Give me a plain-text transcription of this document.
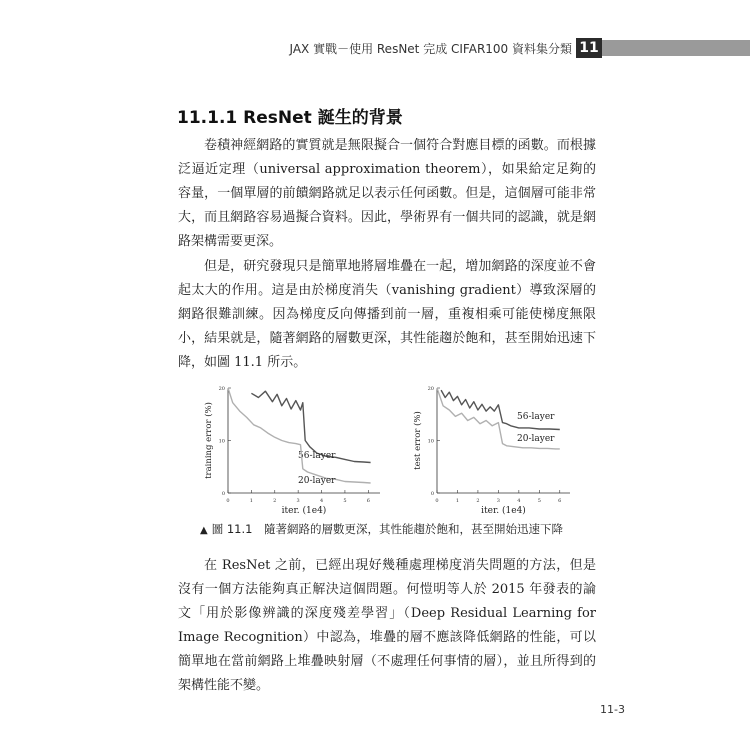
JAX 實戰－使用 ResNet 完成 CIFAR100 資料集分類 11
11.1.1 ResNet 誕生的背景

卷積神經網路的實質就是無限擬合一個符合對應目標的函數。而根據泛逼近定理（universal approximation theorem），如果給定足夠的容量，一個單層的前饋網路就足以表示任何函數。但是，這個層可能非常大，而且網路容易過擬合資料。因此，學術界有一個共同的認識，就是網路架構需要更深。

但是，研究發現只是簡單地將層堆疊在一起，增加網路的深度並不會起太大的作用。這是由於梯度消失（vanishing gradient）導致深層的網路很難訓練。因為梯度反向傳播到前一層，重複相乘可能使梯度無限小，結果就是，隨著網路的層數更深，其性能趨於飽和，甚至開始迅速下降，如圖 11.1 所示。

0	1	2	3	4	5	6
0
10
20
iter. (1e4)
training error (%)	56-layer
20-layer
0	1	2	3	4	5	6
0
10
20
iter. (1e4)
test error (%)	56-layer
20-layer
▲ 圖 11.1　隨著網路的層數更深，其性能趨於飽和，甚至開始迅速下降

在 ResNet 之前，已經出現好幾種處理梯度消失問題的方法，但是沒有一個方法能夠真正解決這個問題。何愷明等人於 2015 年發表的論文「用於影像辨識的深度殘差學習」（Deep Residual Learning for Image Recognition）中認為，堆疊的層不應該降低網路的性能，可以簡單地在當前網路上堆疊映射層（不處理任何事情的層），並且所得到的架構性能不變。

11-3
